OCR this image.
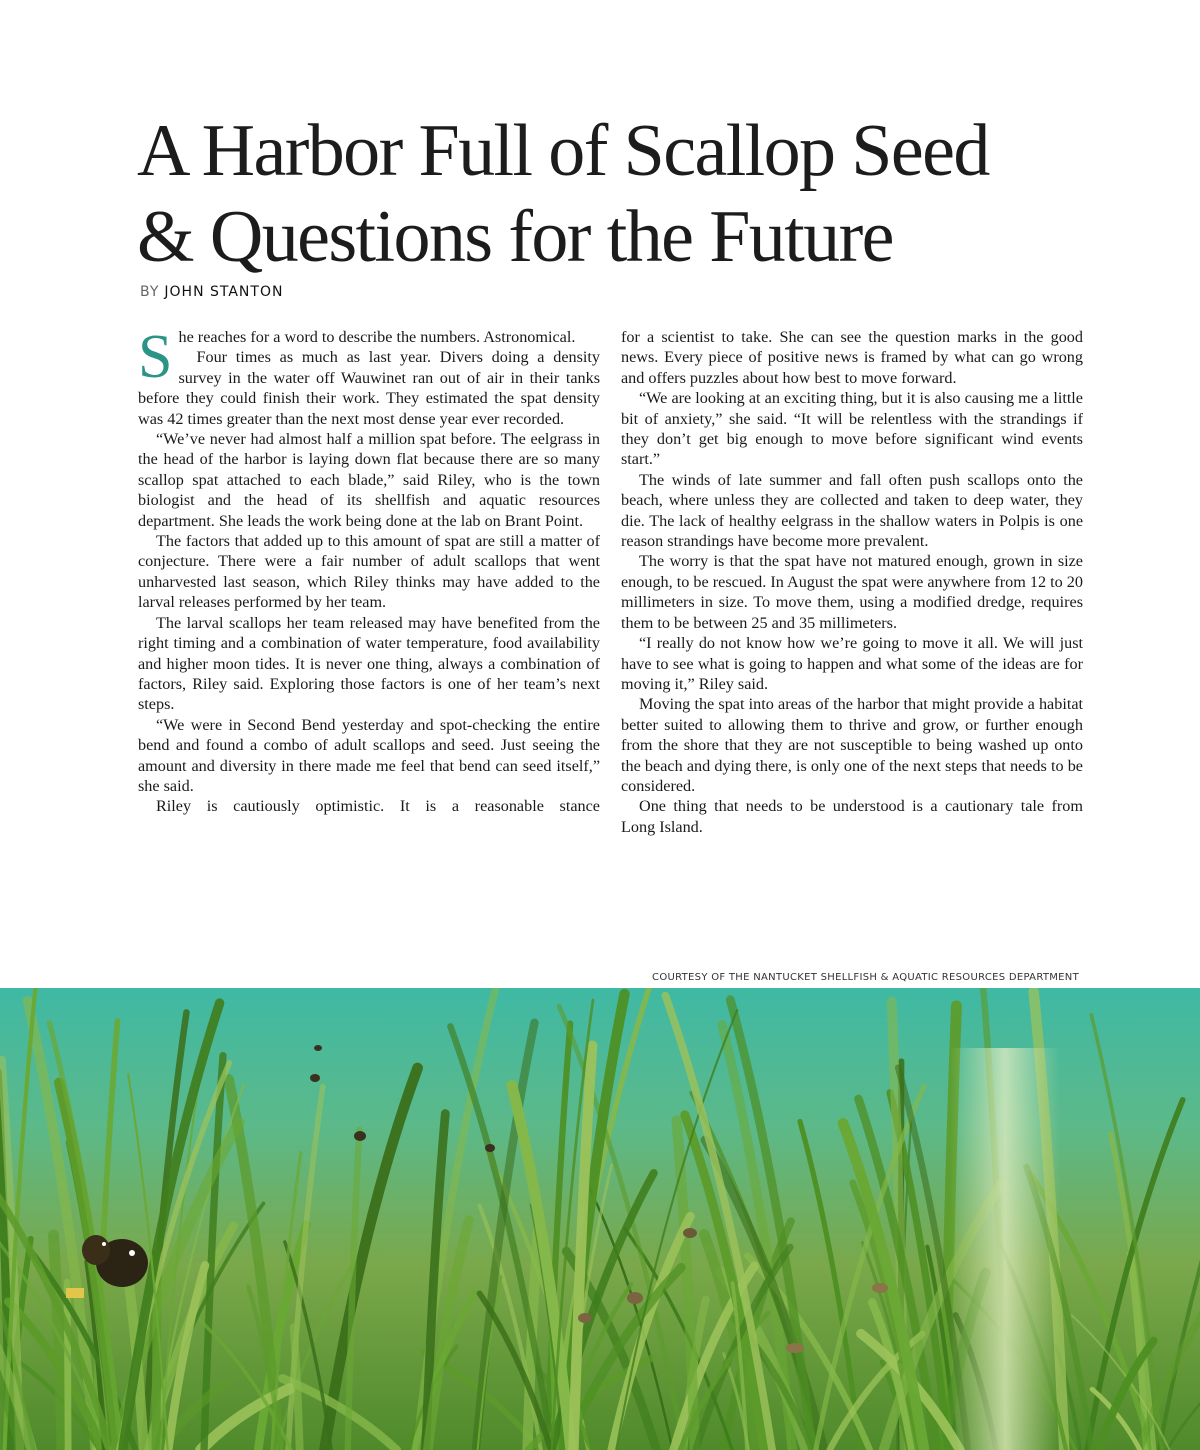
A Harbor Full of Scallop Seed
& Questions for the Future
BY JOHN STANTON

She reaches for a word to describe the numbers. Astronomical.

Four times as much as last year. Divers doing a density survey in the water off Wauwinet ran out of air in their tanks before they could finish their work. They estimated the spat density was 42 times greater than the next most dense year ever recorded.

“We’ve never had almost half a million spat before. The eelgrass in the head of the harbor is laying down flat because there are so many scallop spat attached to each blade,” said Riley, who is the town biologist and the head of its shellfish and aquatic resources department. She leads the work being done at the lab on Brant Point.

The factors that added up to this amount of spat are still a matter of conjecture. There were a fair number of adult scallops that went unharvested last season, which Riley thinks may have added to the larval releases performed by her team.

The larval scallops her team released may have benefited from the right timing and a combination of water temperature, food availability and higher moon tides. It is never one thing, always a combination of factors, Riley said. Exploring those factors is one of her team’s next steps.

“We were in Second Bend yesterday and spot-checking the entire bend and found a combo of adult scallops and seed. Just seeing the amount and diversity in there made me feel that bend can seed itself,” she said.

Riley is cautiously optimistic. It is a reasonable stance

for a scientist to take. She can see the question marks in the good news. Every piece of positive news is framed by what can go wrong and offers puzzles about how best to move forward.

“We are looking at an exciting thing, but it is also causing me a little bit of anxiety,” she said. “It will be relentless with the strandings if they don’t get big enough to move before significant wind events start.”

The winds of late summer and fall often push scallops onto the beach, where unless they are collected and taken to deep water, they die. The lack of healthy eelgrass in the shallow waters in Polpis is one reason strandings have become more prevalent.

The worry is that the spat have not matured enough, grown in size enough, to be rescued. In August the spat were anywhere from 12 to 20 millimeters in size. To move them, using a modified dredge, requires them to be between 25 and 35 millimeters.

“I really do not know how we’re going to move it all. We will just have to see what is going to happen and what some of the ideas are for moving it,” Riley said.

Moving the spat into areas of the harbor that might provide a habitat better suited to allowing them to thrive and grow, or further enough from the shore that they are not susceptible to being washed up onto the beach and dying there, is only one of the next steps that needs to be considered.

One thing that needs to be understood is a cautionary tale from Long Island.

COURTESY OF THE NANTUCKET SHELLFISH & AQUATIC RESOURCES DEPARTMENT
